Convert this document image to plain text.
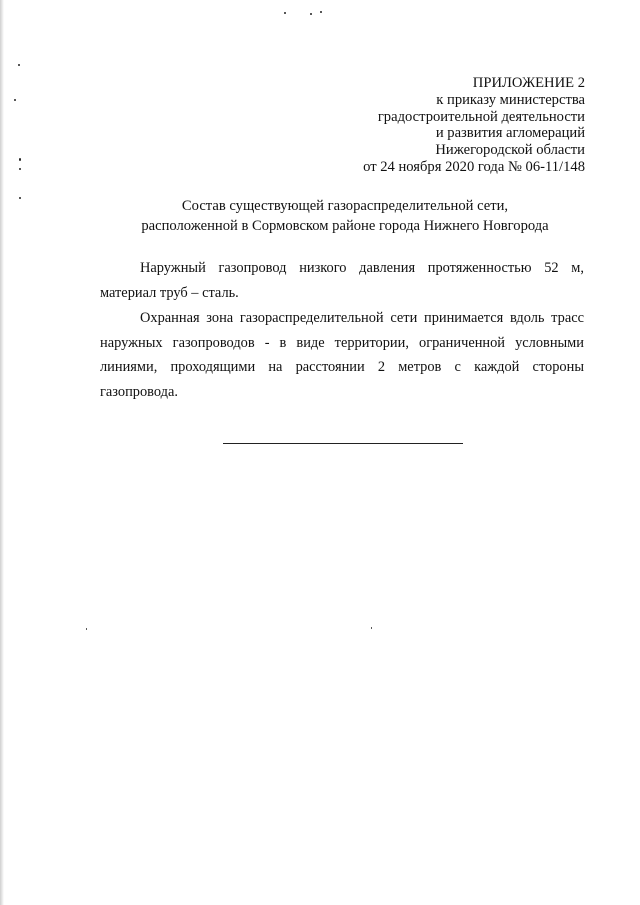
ПРИЛОЖЕНИЕ 2
к приказу министерства
градостроительной деятельности
и развития агломераций
Нижегородской области
от 24 ноября 2020 года № 06-11/148
Состав существующей газораспределительной сети,
расположенной в Сормовском районе города Нижнего Новгорода

Наружный газопровод низкого давления протяженностью 52 м, материал труб – сталь.

Охранная зона газораспределительной сети принимается вдоль трасс наружных газопроводов - в виде территории, ограниченной условными линиями, проходящими на расстоянии 2 метров с каждой стороны газопровода.
